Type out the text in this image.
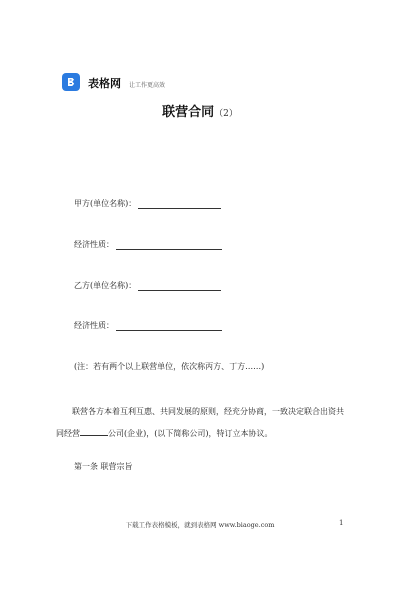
表格网 让工作更高效
联营合同（2）
甲方(单位名称)：
经济性质：
乙方(单位名称)：
经济性质：
(注：若有两个以上联营单位，依次称丙方、丁方……)
联营各方本着互利互惠、共同发展的原则，经充分协商，一致决定联合出资共同经营	公司(企业)，(以下简称公司)，特订立本协议。
第一条 联营宗旨
下载工作表格模板，就到表格网 www.biaoge.com	1
